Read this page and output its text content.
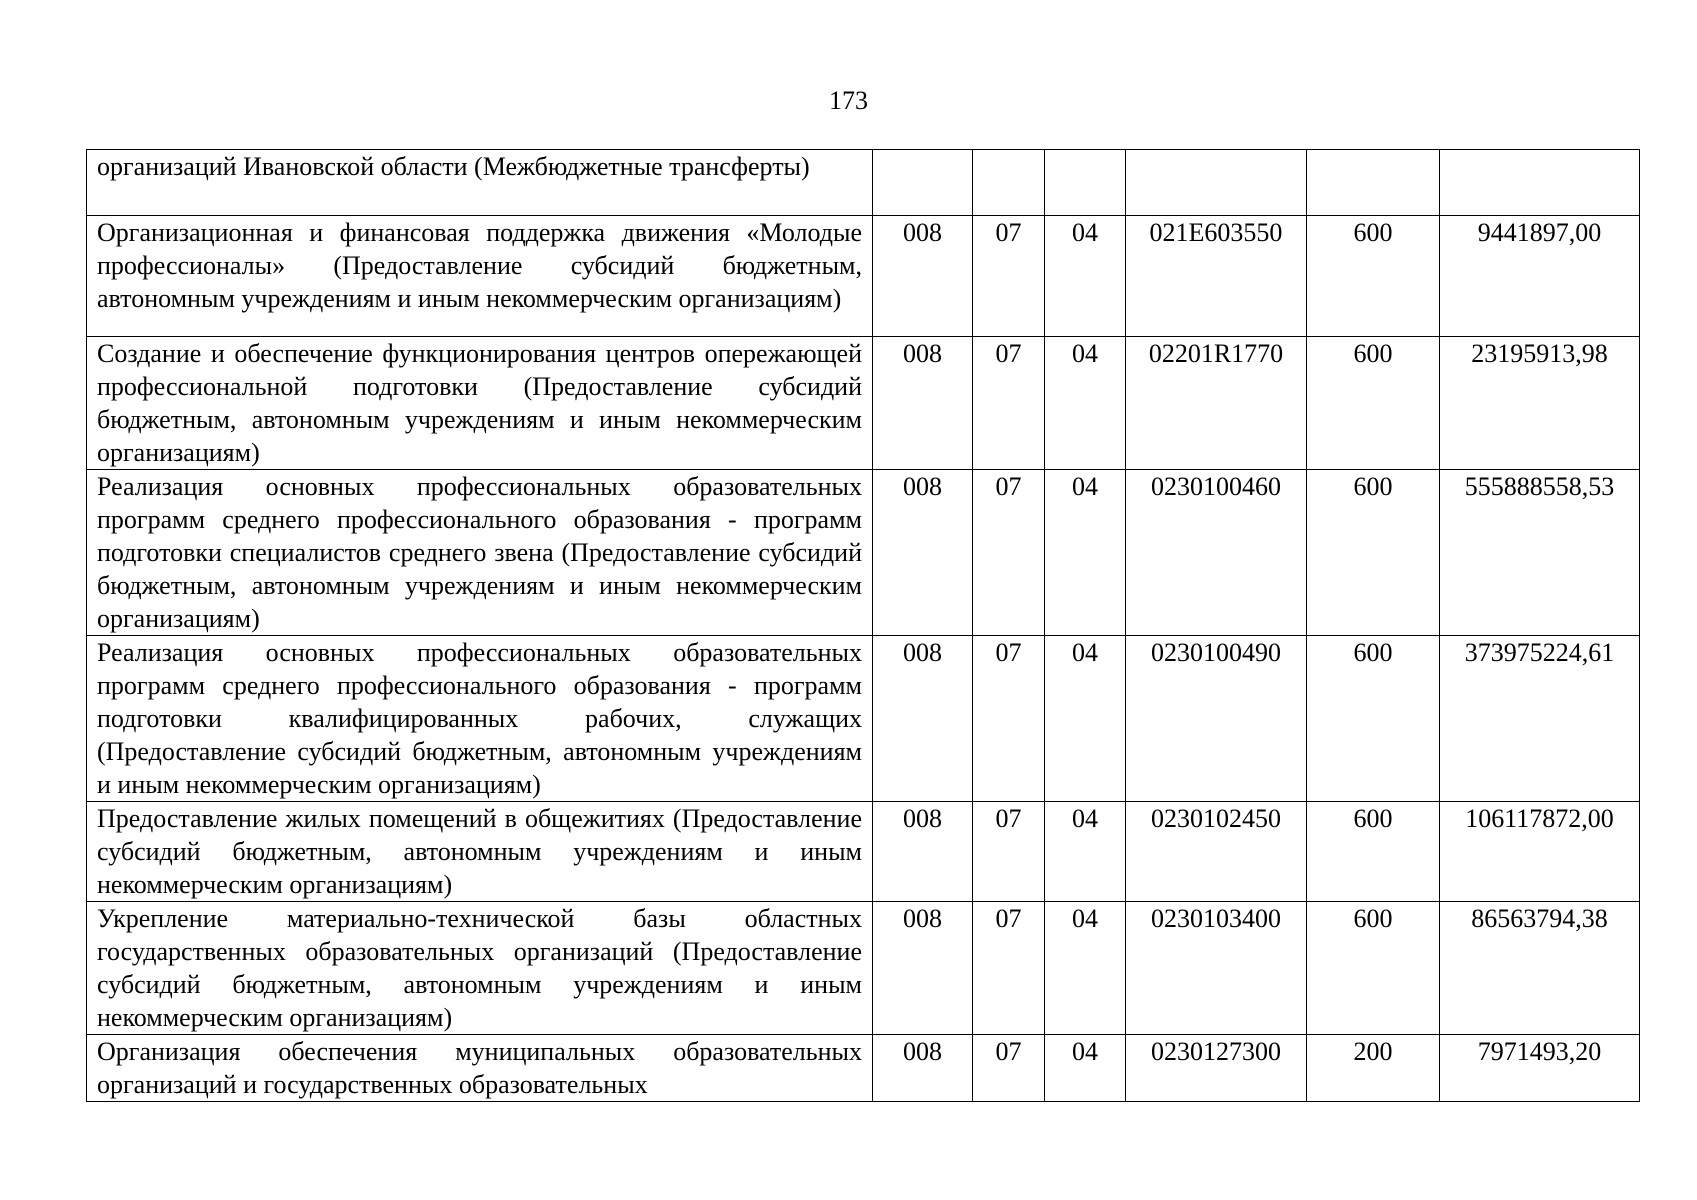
173
организаций Ивановской области (Межбюджетные трансферты)						

Организационная и финансовая поддержка движения «Молодые профессионалы» (Предоставление субсидий бюджетным, автономным учреждениям и иным некоммерческим организациям)	008	07	04	021E603550	600	9441897,00

Создание и обеспечение функционирования центров опережающей профессиональной подготовки (Предоставление субсидий бюджетным, автономным учреждениям и иным некоммерческим организациям)	008	07	04	02201R1770	600	23195913,98

Реализация основных профессиональных образовательных программ среднего профессионального образования - программ подготовки специалистов среднего звена (Предоставление субсидий бюджетным, автономным учреждениям и иным некоммерческим организациям)	008	07	04	0230100460	600	555888558,53

Реализация основных профессиональных образовательных программ среднего профессионального образования - программ подготовки квалифицированных рабочих, служащих (Предоставление субсидий бюджетным, автономным учреждениям и иным некоммерческим организациям)	008	07	04	0230100490	600	373975224,61

Предоставление жилых помещений в общежитиях (Предоставление субсидий бюджетным, автономным учреждениям и иным некоммерческим организациям)	008	07	04	0230102450	600	106117872,00

Укрепление материально-технической базы областных государственных образовательных организаций (Предоставление субсидий бюджетным, автономным учреждениям и иным некоммерческим организациям)	008	07	04	0230103400	600	86563794,38

Организация обеспечения муниципальных образовательных организаций и государственных образовательных	008	07	04	0230127300	200	7971493,20
